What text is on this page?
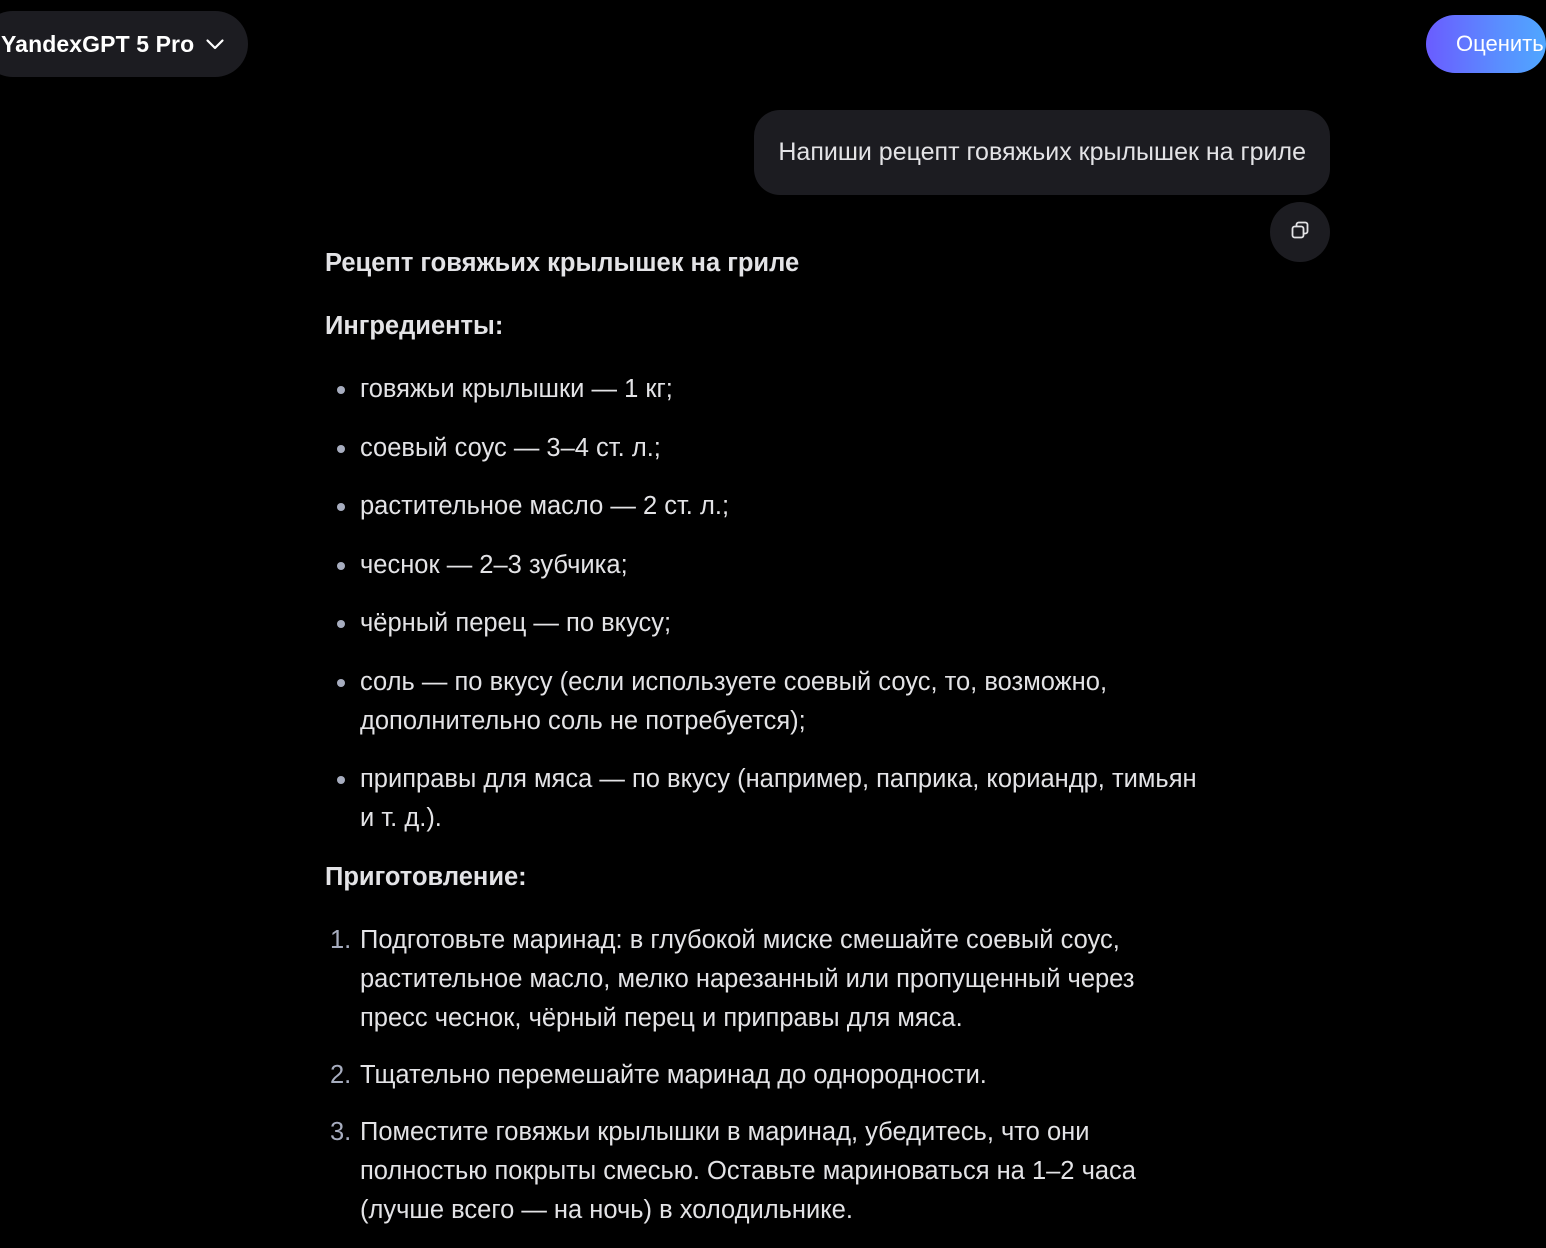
YandexGPT 5 Pro	Оценить
Напиши рецепт говяжьих крылышек на гриле
Рецепт говяжьих крылышек на гриле
Ингредиенты:
говяжьи крылышки — 1 кг;
соевый соус — 3–4 ст. л.;
растительное масло — 2 ст. л.;
чеснок — 2–3 зубчика;
чёрный перец — по вкусу;
соль — по вкусу (если используете соевый соус, то, возможно, дополнительно соль не потребуется);
приправы для мяса — по вкусу (например, паприка, кориандр, тимьян и т. д.).
Приготовление:
1. Подготовьте маринад: в глубокой миске смешайте соевый соус, растительное масло, мелко нарезанный или пропущенный через пресс чеснок, чёрный перец и приправы для мяса.
2. Тщательно перемешайте маринад до однородности.
3. Поместите говяжьи крылышки в маринад, убедитесь, что они полностью покрыты смесью. Оставьте мариноваться на 1–2 часа (лучше всего — на ночь) в холодильнике.
